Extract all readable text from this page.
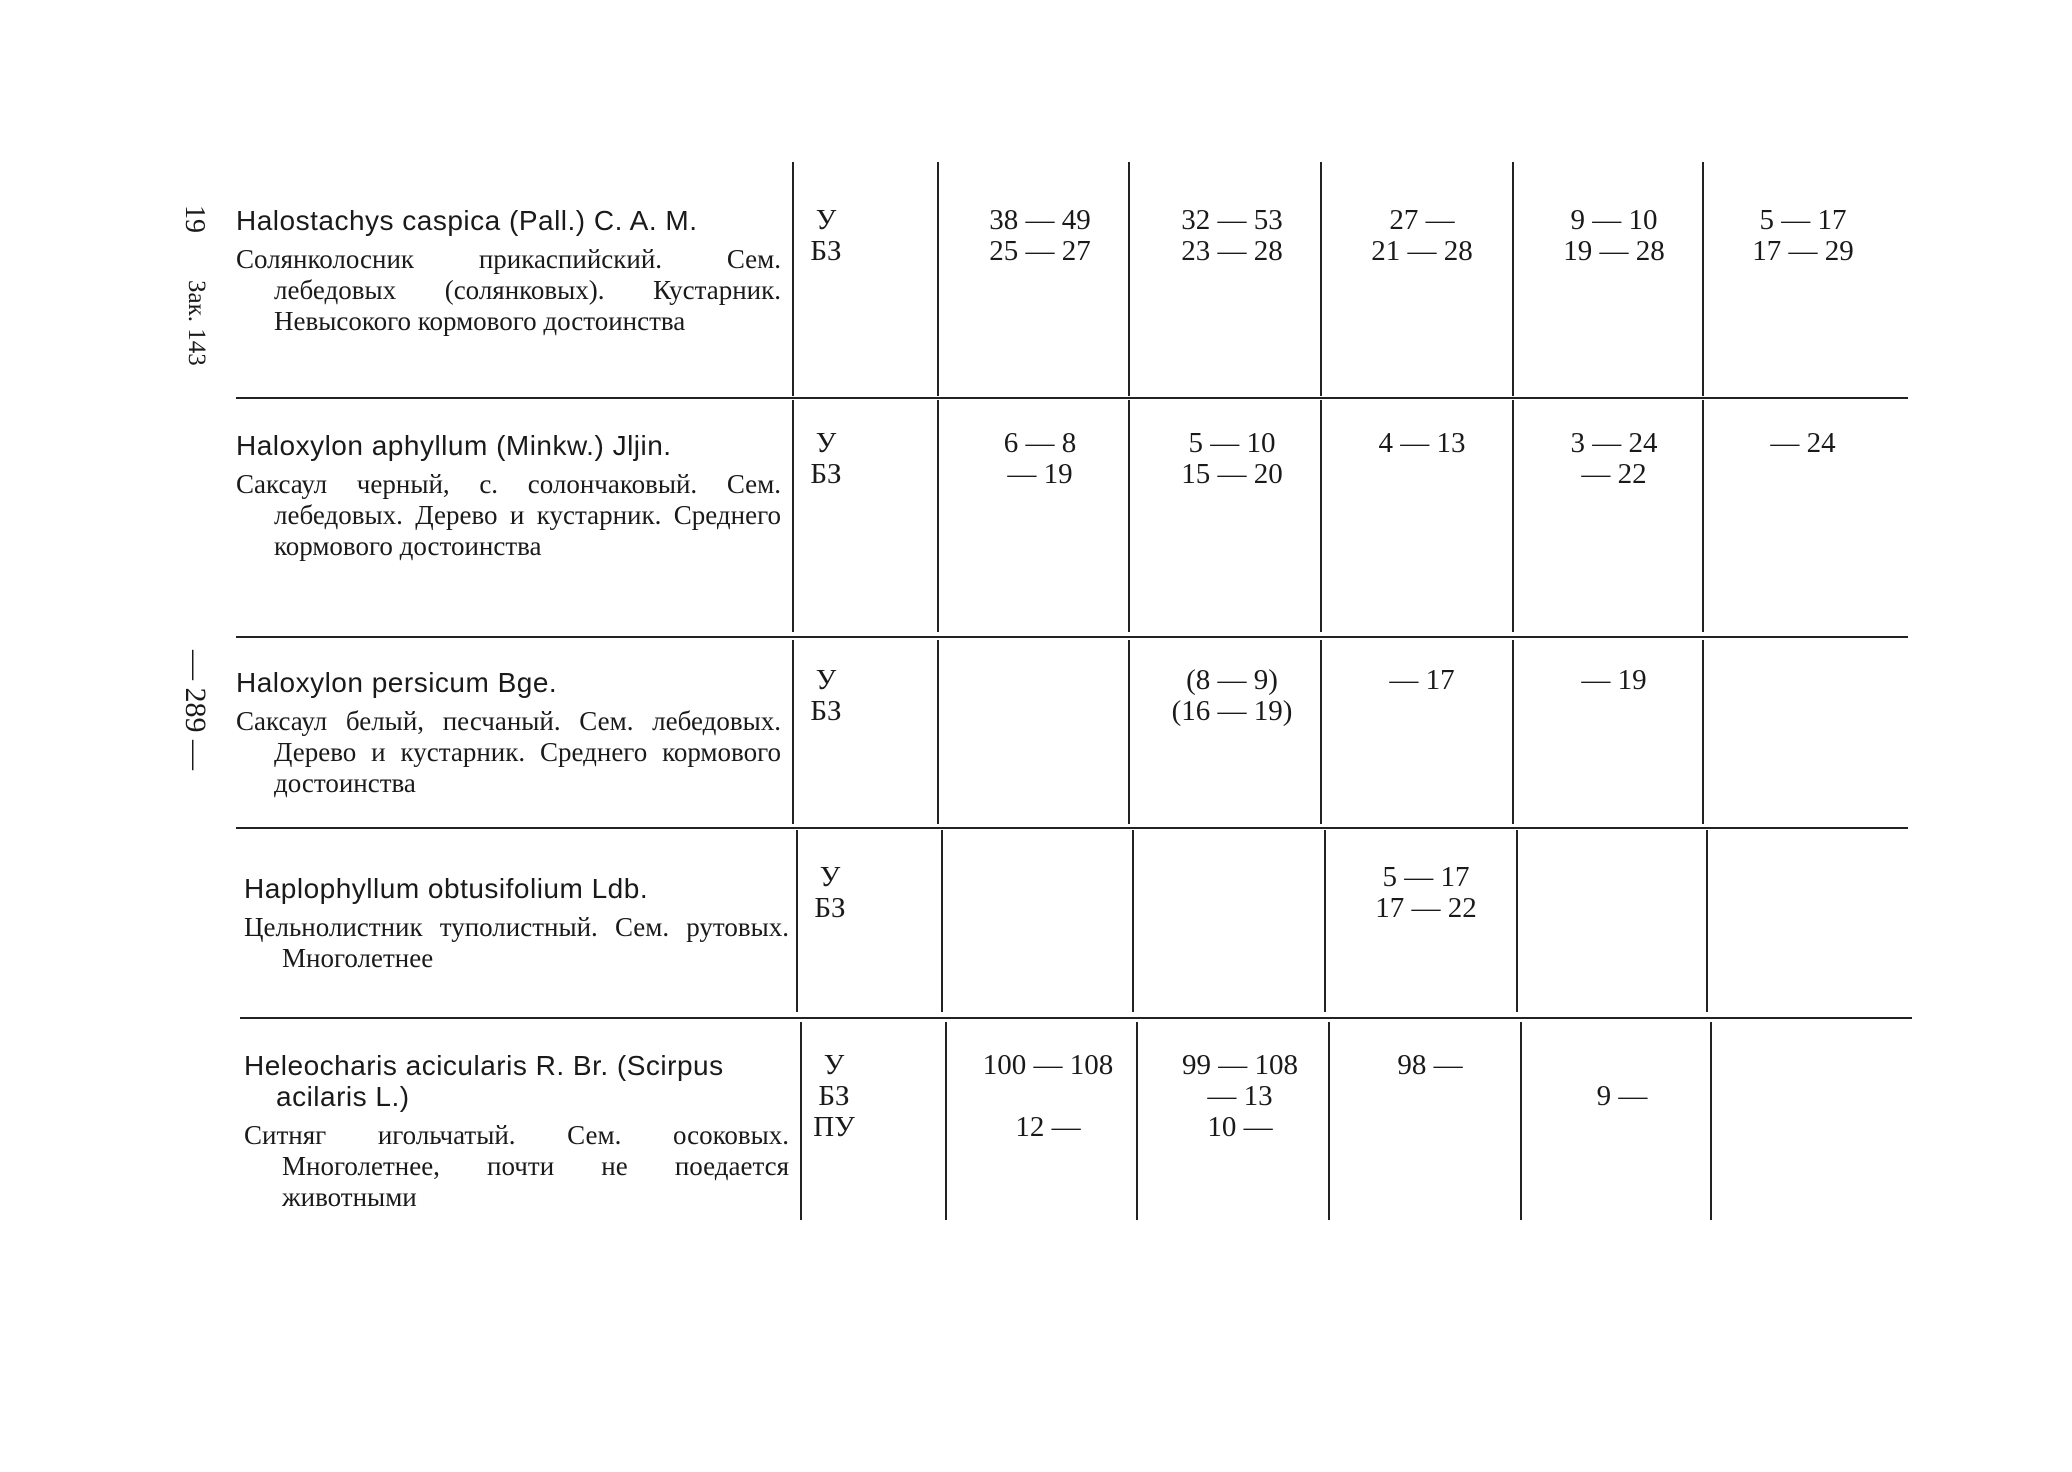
19
Зак. 143
— 289 —
Halostachys caspica (Pall.) C. A. M.
Солянколосник прикаспийский. Сем. лебедовых (солянковых). Кустарник. Невысокого кормового достоинства
Haloxylon aphyllum (Minkw.) Jljin.
Саксаул черный, с. солончаковый. Сем. лебедовых. Дерево и кустарник. Среднего кормового достоинства
Haloxylon persicum Bge.
Саксаул белый, песчаный. Сем. лебедовых. Дерево и кустарник. Среднего кормового достоинства
Haplophyllum obtusifolium Ldb.
Цельнолистник туполистный. Сем. рутовых. Многолетнее
Heleocharis acicularis R. Br. (Scirpus acilaris L.)
Ситняг игольчатый. Сем. осоковых. Многолетнее, почти не поедается животными
У
БЗ
38 — 49
25 — 27
32 — 53
23 — 28
27 —
21 — 28
9 — 10
19 — 28
5 — 17
17 — 29
У
БЗ
6 — 8
— 19
5 — 10
15 — 20
4 — 13
	3 — 24
— 22
— 24

У
БЗ

(8 — 9)
(16 — 19)
— 17
	— 19

У
БЗ

5 — 17
17 — 22

У
БЗ
ПУ
100 — 108

12 —
99 — 108
— 13
10 —
98 —

9 —
